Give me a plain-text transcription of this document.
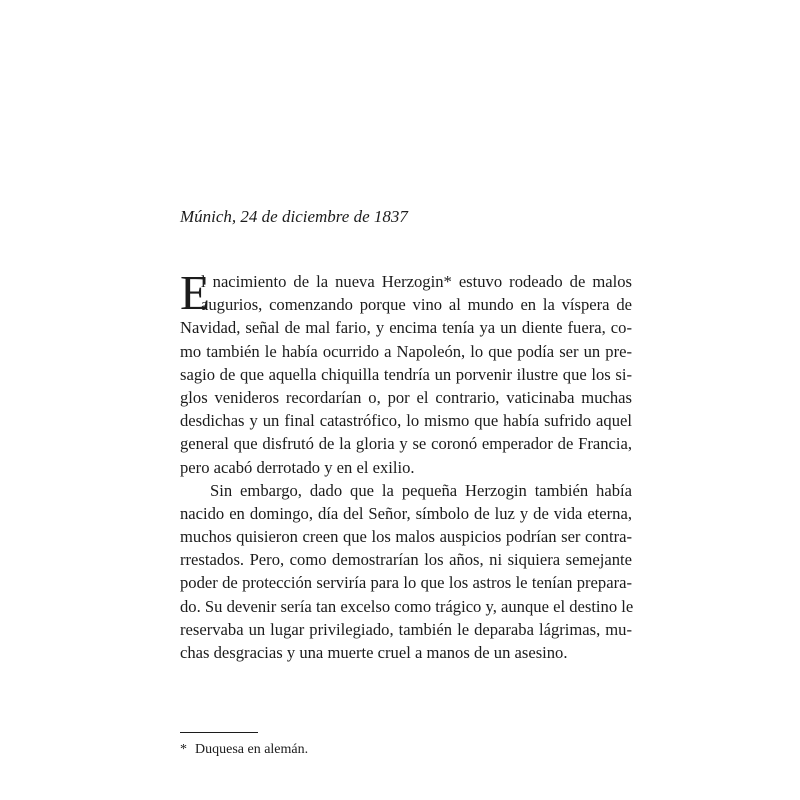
Múnich, 24 de diciembre de 1837
E
l nacimiento de la nueva Herzogin* estuvo rodeado de malos
augurios, comenzando porque vino al mundo en la víspera de
Navidad, señal de mal fario, y encima tenía ya un diente fuera, co-
mo también le había ocurrido a Napoleón, lo que podía ser un pre-
sagio de que aquella chiquilla tendría un porvenir ilustre que los si-
glos venideros recordarían o, por el contrario, vaticinaba muchas
desdichas y un final catastrófico, lo mismo que había sufrido aquel
general que disfrutó de la gloria y se coronó emperador de Francia,
pero acabó derrotado y en el exilio.
Sin embargo, dado que la pequeña Herzogin también había
nacido en domingo, día del Señor, símbolo de luz y de vida eterna,
muchos quisieron creen que los malos auspicios podrían ser contra-
rrestados. Pero, como demostrarían los años, ni siquiera semejante
poder de protección serviría para lo que los astros le tenían prepara-
do. Su devenir sería tan excelso como trágico y, aunque el destino le
reservaba un lugar privilegiado, también le deparaba lágrimas, mu-
chas desgracias y una muerte cruel a manos de un asesino.
* Duquesa en alemán.
